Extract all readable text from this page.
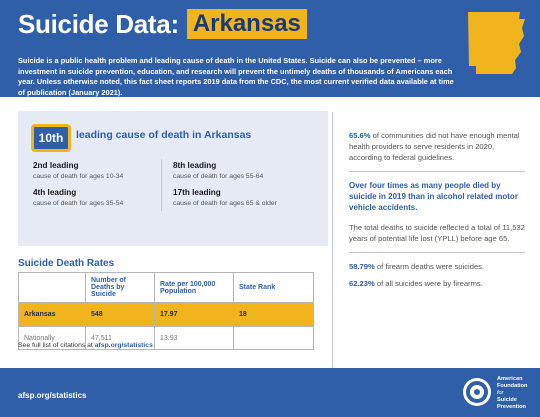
Suicide Data: Arkansas
Suicide is a public health problem and leading cause of death in the United States. Suicide can also be prevented – more investment in suicide prevention, education, and research will prevent the untimely deaths of thousands of Americans each year. Unless otherwise noted, this fact sheet reports 2019 data from the CDC, the most current verified data available at time of publication (January 2021).
10th	leading cause of death in Arkansas
2nd leading
cause of death for ages 10-34
4th leading
cause of death for ages 35-54
8th leading
cause of death for ages 55-64
17th leading
cause of death for ages 65 & older
Suicide Death Rates
	Number of Deaths by Suicide	Rate per 100,000 Population	State Rank
Arkansas	548	17.97	18
Nationally	47,511	13.93	
See full list of citations at afsp.org/statistics
65.6% of communities did not have enough mental health providers to serve residents in 2020, according to federal guidelines.
Over four times as many people died by suicide in 2019 than in alcohol related motor vehicle accidents.
The total deaths to suicide reflected a total of 11,532 years of potential life lost (YPLL) before age 65.
58.79% of firearm deaths were suicides.
62.23% of all suicides were by firearms.
afsp.org/statistics
American
Foundation
for
Suicide
Prevention
